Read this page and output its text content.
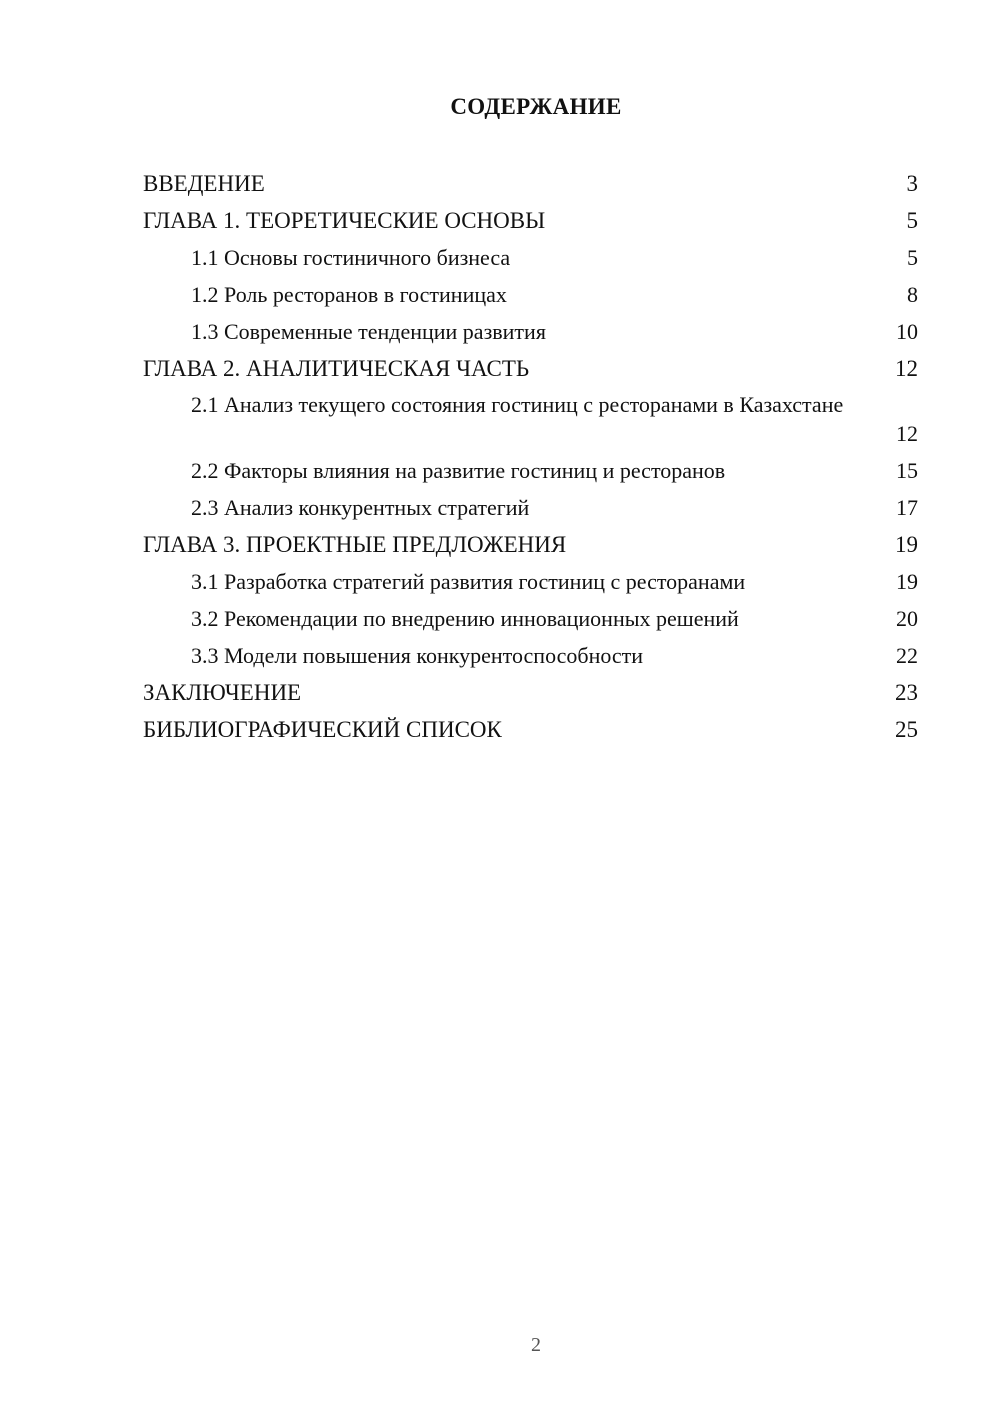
СОДЕРЖАНИЕ
ВВЕДЕНИЕ	3
ГЛАВА 1. ТЕОРЕТИЧЕСКИЕ ОСНОВЫ	5
1.1 Основы гостиничного бизнеса	5
1.2 Роль ресторанов в гостиницах	8
1.3 Современные тенденции развития	10
ГЛАВА 2. АНАЛИТИЧЕСКАЯ ЧАСТЬ	12
2.1 Анализ текущего состояния гостиниц с ресторанами в Казахстане
12
2.2 Факторы влияния на развитие гостиниц и ресторанов	15
2.3 Анализ конкурентных стратегий	17
ГЛАВА 3. ПРОЕКТНЫЕ ПРЕДЛОЖЕНИЯ	19
3.1 Разработка стратегий развития гостиниц с ресторанами	19
3.2 Рекомендации по внедрению инновационных решений	20
3.3 Модели повышения конкурентоспособности	22
ЗАКЛЮЧЕНИЕ	23
БИБЛИОГРАФИЧЕСКИЙ СПИСОК	25
2
